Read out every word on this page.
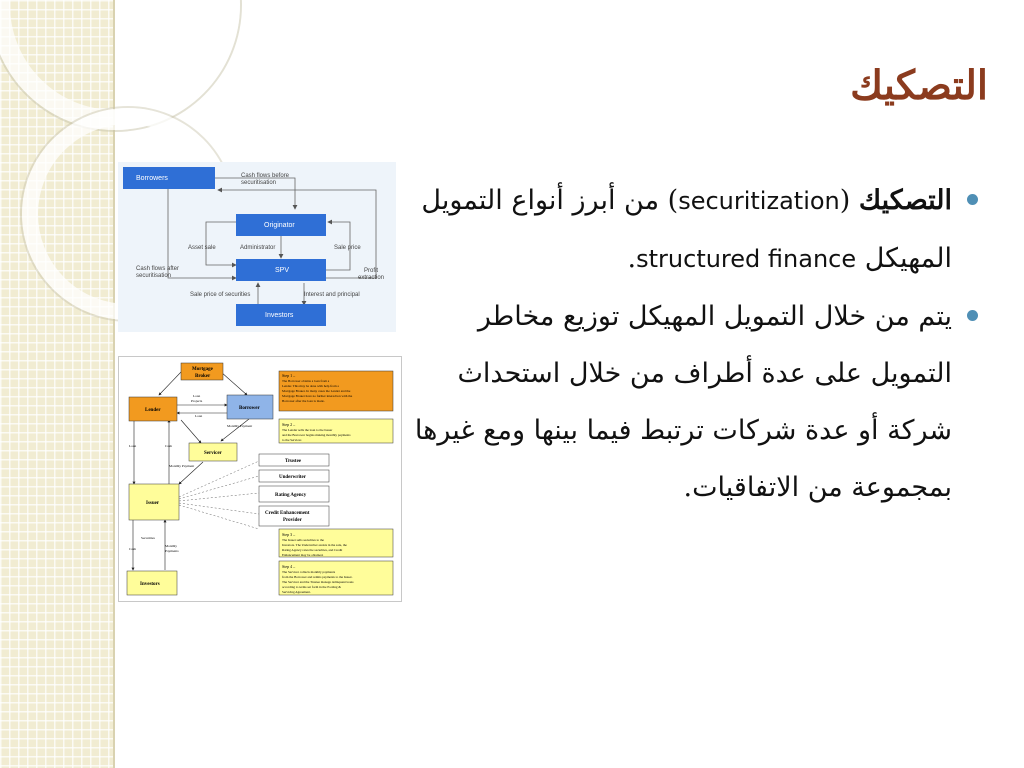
التصكيك

التصكيك (securitization) من أبرز أنواع التمويل المهيكل structured finance.

يتم من خلال التمويل المهيكل توزيع مخاطر التمويل على عدة أطراف من خلال استحداث شركة أو عدة شركات ترتبط فيما بينها ومع غيرها بمجموعة من الاتفاقيات.

Borrowers
Originator
SPV
Investors
Cash flows before
securitisation
Asset sale	Administrator	Sale price
Cash flows after
securitisation
Profit
extraction
Sale price of securities	Interest and principal
Mortgage
Broker
Lender	Borrower
Servicer
Issuer
Investors
Trustee
Underwriter
Rating Agency
Credit Enhancement
Provider
Loan
Projects
Loan
Monthly Payment
Loan	Cash
Monthly Payment
Securities
Cash
Monthly
Payments
Step 1 –
The Borrower obtains a loan from a
Lender. This may be done with help from a
Mortgage Broker. In many cases the Lender and the
Mortgage Broker have no further interaction with the
Borrower after the loan is made.
Step 2 –
The Lender sells the loan to the Issuer
and the Borrower begins making monthly payments
to the Servicer.
Step 3 –
The Issuer sells securities to the
Investors. The Underwriter assists in the sale, the
Rating Agency rates the securities, and Credit
Enhancement may be obtained.
Step 4 –
The Servicer collects monthly payments
from the Borrower and remits payments to the Issuer.
The Servicer and the Trustee manage delinquent loans
according to terms set forth in the Pooling &
Servicing Agreement.
